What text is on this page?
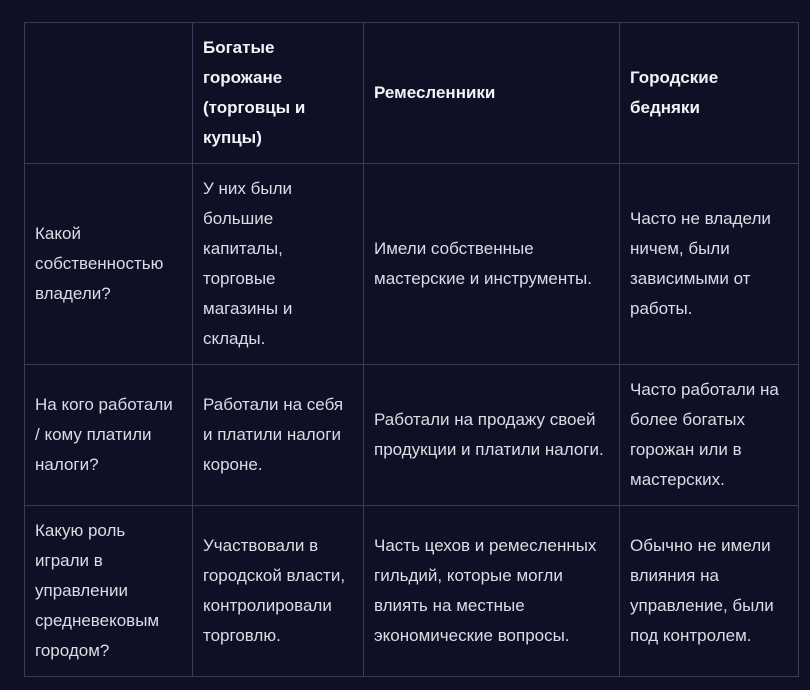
	Богатые горожане (торговцы и купцы)	Ремесленники	Городские бедняки
Какой собственностью владели?	У них были большие капиталы, торговые магазины и склады.	Имели собственные мастерские и инструменты.	Часто не владели ничем, были зависимыми от работы.
На кого работали / кому платили налоги?	Работали на себя и платили налоги короне.	Работали на продажу своей продукции и платили налоги.	Часто работали на более богатых горожан или в мастерских.
Какую роль играли в управлении средневековым городом?	Участвовали в городской власти, контролировали торговлю.	Часть цехов и ремесленных гильдий, которые могли влиять на местные экономические вопросы.	Обычно не имели влияния на управление, были под контролем.
